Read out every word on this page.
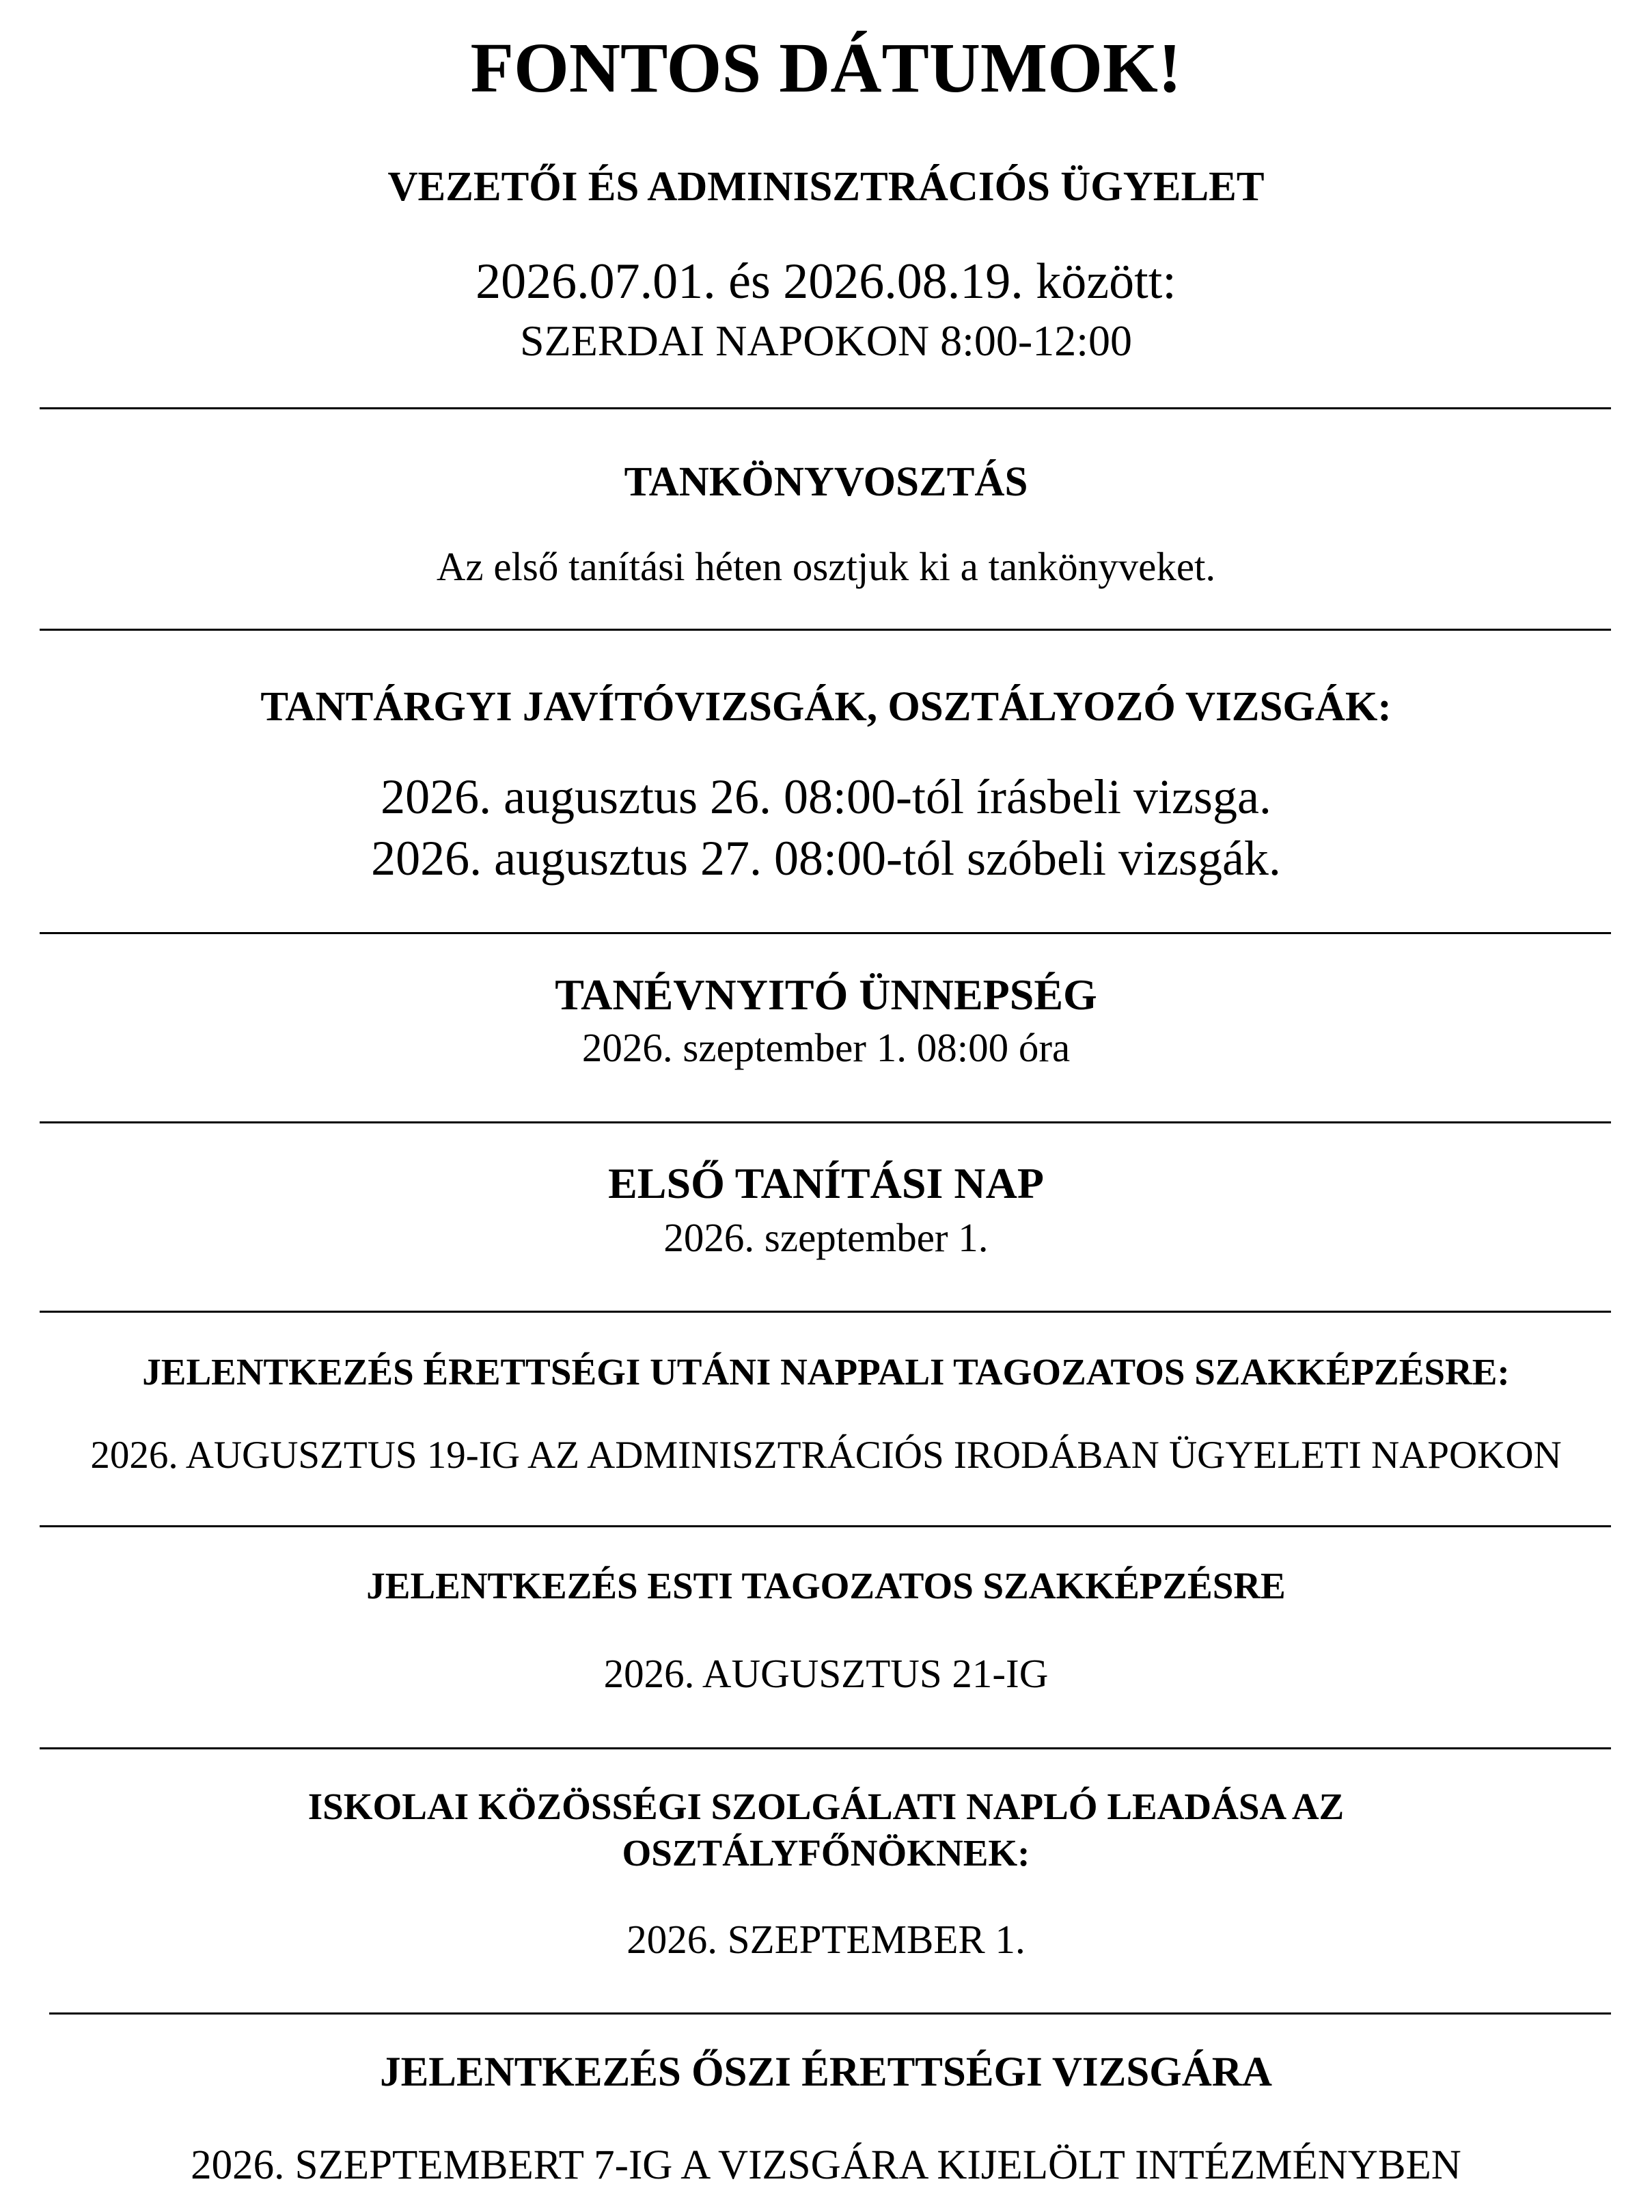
FONTOS DÁTUMOK!
VEZETŐI ÉS ADMINISZTRÁCIÓS ÜGYELET
2026.07.01. és 2026.08.19. között:
SZERDAI NAPOKON 8:00-12:00
TANKÖNYVOSZTÁS
Az első tanítási héten osztjuk ki a tankönyveket.
TANTÁRGYI JAVÍTÓVIZSGÁK, OSZTÁLYOZÓ VIZSGÁK:
2026. augusztus 26. 08:00-tól írásbeli vizsga.
2026. augusztus 27. 08:00-tól szóbeli vizsgák.
TANÉVNYITÓ ÜNNEPSÉG
2026. szeptember 1. 08:00 óra
ELSŐ TANÍTÁSI NAP
2026. szeptember 1.
JELENTKEZÉS ÉRETTSÉGI UTÁNI NAPPALI TAGOZATOS SZAKKÉPZÉSRE:
2026. AUGUSZTUS 19-IG AZ ADMINISZTRÁCIÓS IRODÁBAN ÜGYELETI NAPOKON
JELENTKEZÉS ESTI TAGOZATOS SZAKKÉPZÉSRE
2026. AUGUSZTUS 21-IG
ISKOLAI KÖZÖSSÉGI SZOLGÁLATI NAPLÓ LEADÁSA AZ
OSZTÁLYFŐNÖKNEK:
2026. SZEPTEMBER 1.
JELENTKEZÉS ŐSZI ÉRETTSÉGI VIZSGÁRA
2026. SZEPTEMBERT 7-IG A VIZSGÁRA KIJELÖLT INTÉZMÉNYBEN
